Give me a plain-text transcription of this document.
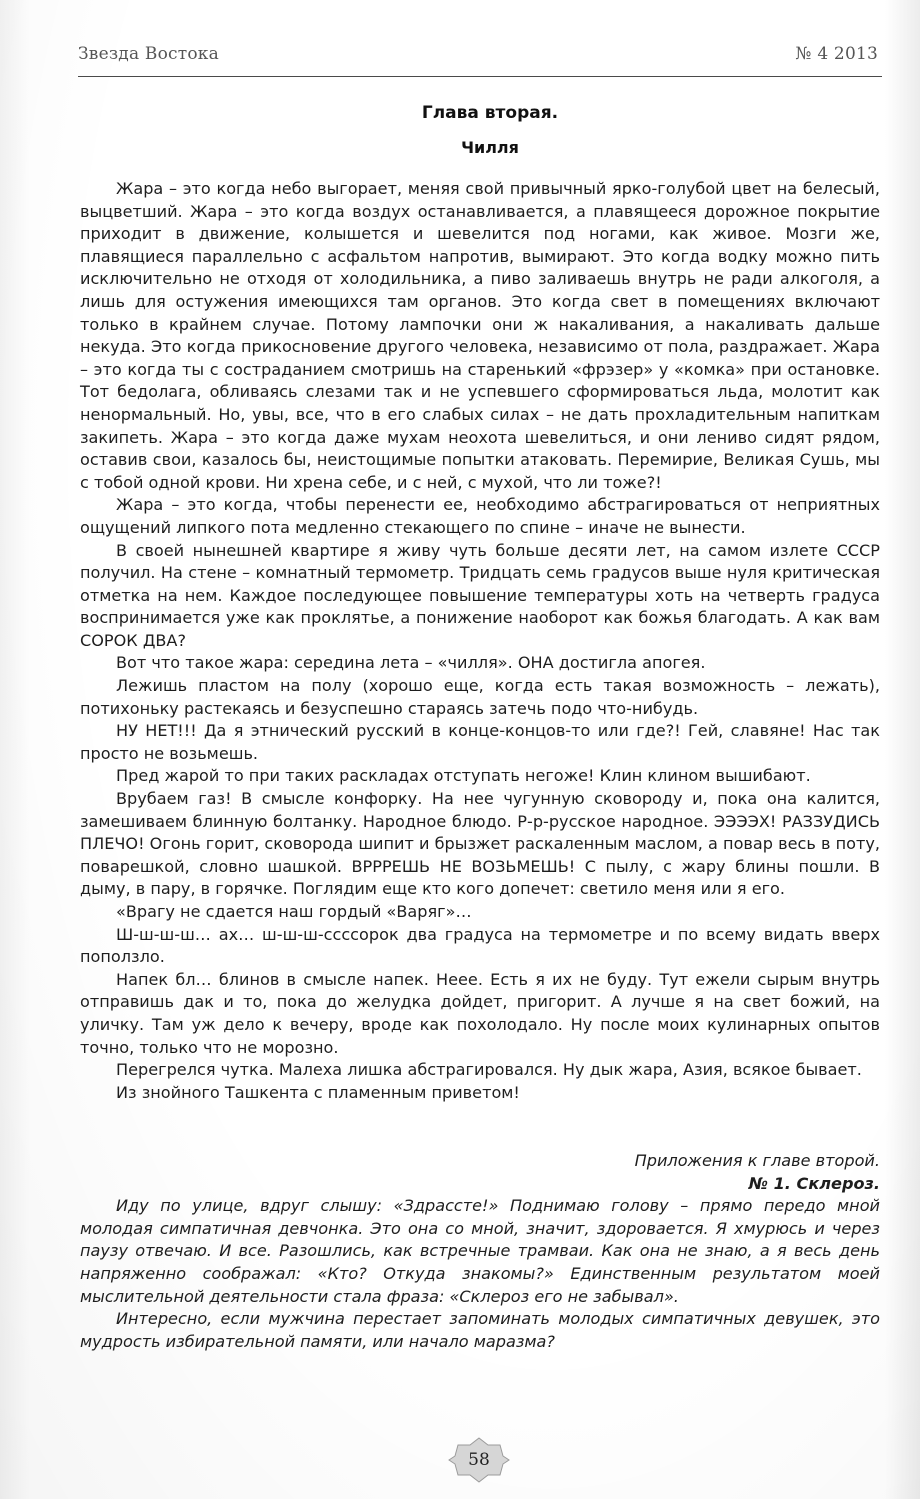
Звезда Востока	№ 4 2013
Глава вторая.
Чилля

Жара – это когда небо выгорает, меняя свой привычный ярко-голубой цвет на белесый, выцветший. Жара – это когда воздух останавливается, а плавящееся дорожное покрытие приходит в движение, колышется и шевелится под ногами, как живое. Мозги же, плавящиеся параллельно с асфальтом напротив, вымирают. Это когда водку можно пить исключительно не отходя от холодильника, а пиво заливаешь внутрь не ради алкоголя, а лишь для остужения имеющихся там органов. Это когда свет в помещениях включают только в крайнем случае. Потому лампочки они ж накаливания, а накаливать дальше некуда. Это когда прикосновение другого человека, независимо от пола, раздражает. Жара – это когда ты с состраданием смотришь на старенький «фрэзер» у «комка» при остановке. Тот бедолага, обливаясь слезами так и не успевшего сформироваться льда, молотит как ненормальный. Но, увы, все, что в его слабых силах – не дать прохладительным напиткам закипеть. Жара – это когда даже мухам неохота шевелиться, и они лениво сидят рядом, оставив свои, казалось бы, неистощимые попытки атаковать. Перемирие, Великая Сушь, мы с тобой одной крови. Ни хрена себе, и с ней, с мухой, что ли тоже?!

Жара – это когда, чтобы перенести ее, необходимо абстрагироваться от неприятных ощущений липкого пота медленно стекающего по спине – иначе не вынести.

В своей нынешней квартире я живу чуть больше десяти лет, на самом излете СССР получил. На стене – комнатный термометр. Тридцать семь градусов выше нуля критическая отметка на нем. Каждое последующее повышение температуры хоть на четверть градуса воспринимается уже как проклятье, а понижение наоборот как божья благодать. А как вам СОРОК ДВА?

Вот что такое жара: середина лета – «чилля». ОНА достигла апогея.

Лежишь пластом на полу (хорошо еще, когда есть такая возможность – лежать), потихоньку растекаясь и безуспешно стараясь затечь подо что-нибудь.

НУ НЕТ!!! Да я этнический русский в конце-концов-то или где?! Гей, славяне! Нас так просто не возьмешь.

Пред жарой то при таких раскладах отступать негоже! Клин клином вышибают.

Врубаем газ! В смысле конфорку. На нее чугунную сковороду и, пока она калится, замешиваем блинную болтанку. Народное блюдо. Р-р-русское народное. ЭЭЭЭХ! РАЗЗУДИСЬ ПЛЕЧО! Огонь горит, сковорода шипит и брызжет раскаленным маслом, а повар весь в поту, поварешкой, словно шашкой. ВРРРЕШЬ НЕ ВОЗЬМЕШЬ! С пылу, с жару блины пошли. В дыму, в пару, в горячке. Поглядим еще кто кого допечет: светило меня или я его.

«Врагу не сдается наш гордый «Варяг»…

Ш-ш-ш-ш… ах… ш-ш-ш-ссссорок два градуса на термометре и по всему видать вверх поползло.

Напек бл… блинов в смысле напек. Неее. Есть я их не буду. Тут ежели сырым внутрь отправишь дак и то, пока до желудка дойдет, пригорит. А лучше я на свет божий, на уличку. Там уж дело к вечеру, вроде как похолодало. Ну после моих кулинарных опытов точно, только что не морозно.

Перегрелся чутка. Малеха лишка абстрагировался. Ну дык жара, Азия, всякое бывает.

Из знойного Ташкента с пламенным приветом!

Приложения к главе второй.
№ 1. Склероз.

Иду по улице, вдруг слышу: «Здрассте!» Поднимаю голову – прямо передо мной молодая симпатичная девчонка. Это она со мной, значит, здоровается. Я хмурюсь и через паузу отвечаю. И все. Разошлись, как встречные трамваи. Как она не знаю, а я весь день напряженно соображал: «Кто? Откуда знакомы?» Единственным результатом моей мыслительной деятельности стала фраза: «Склероз его не забывал».

Интересно, если мужчина перестает запоминать молодых симпатичных девушек, это мудрость избирательной памяти, или начало маразма?

58
